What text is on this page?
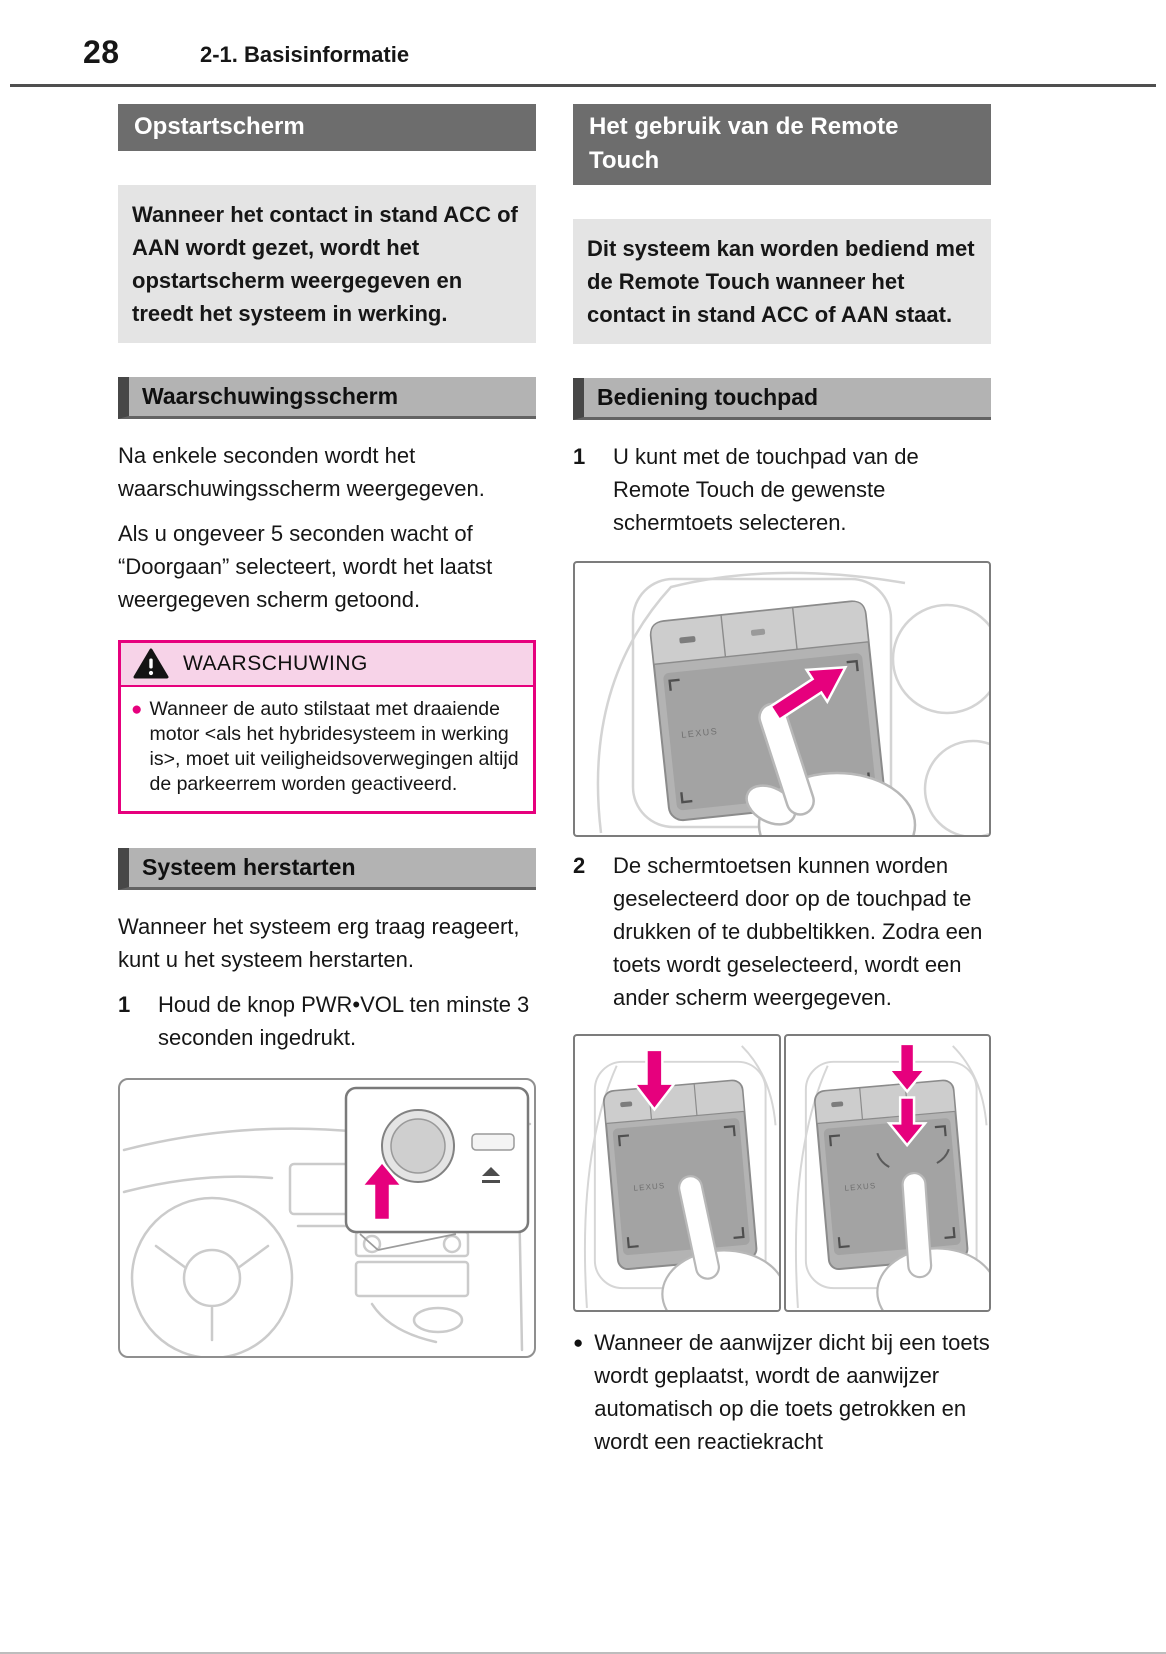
28	2-1. Basisinformatie
Opstartscherm
Wanneer het contact in stand ACC of AAN wordt gezet, wordt het opstartscherm weergegeven en treedt het systeem in werking.
Waarschuwingsscherm

Na enkele seconden wordt het waarschuwingsscherm weergegeven.

Als u ongeveer 5 seconden wacht of “Doorgaan” selecteert, wordt het laatst weergegeven scherm getoond.

WAARSCHUWING
● Wanneer de auto stilstaat met draaiende motor <als het hybridesysteem in werking is>, moet uit veiligheidsoverwegingen altijd de parkeerrem worden geactiveerd.
Systeem herstarten

Wanneer het systeem erg traag reageert, kunt u het systeem herstarten.

1	Houd de knop PWR•VOL ten minste 3 seconden ingedrukt.
Het gebruik van de Remote Touch
Dit systeem kan worden bediend met de Remote Touch wanneer het contact in stand ACC of AAN staat.
Bediening touchpad
1	U kunt met de touchpad van de Remote Touch de gewenste schermtoets selecteren.
LEXUS
2	De schermtoetsen kunnen worden geselecteerd door op de touchpad te drukken of te dubbeltikken. Zodra een toets wordt geselecteerd, wordt een ander scherm weergegeven.
LEXUS	LEXUS
● Wanneer de aanwijzer dicht bij een toets wordt geplaatst, wordt de aanwijzer automatisch op die toets getrokken en wordt een reactiekracht
